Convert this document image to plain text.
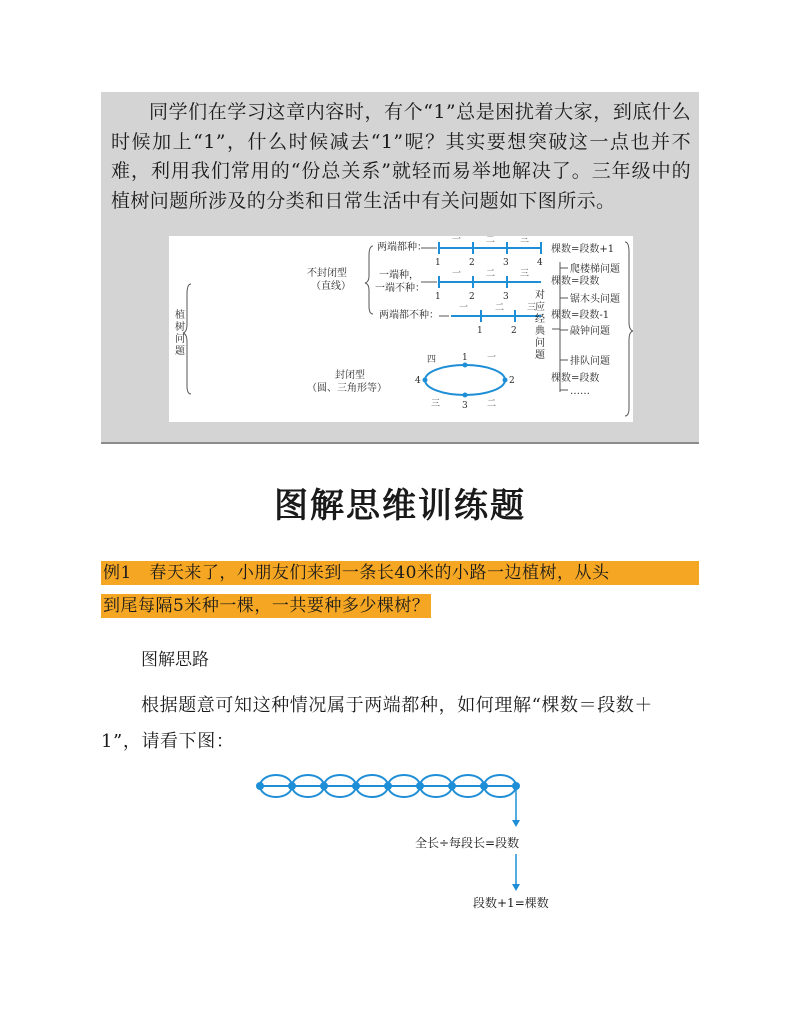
同学们在学习这章内容时，有个“1”总是困扰着大家，到底什么时候加上“1”，什么时候减去“1”呢？其实要想突破这一点也并不难，利用我们常用的“份总关系”就轻而易举地解决了。三年级中的植树问题所涉及的分类和日常生活中有关问题如下图所示。

植
树
问
题
不封闭型
（直线）
封闭型
（圆、三角形等）
两端都种：
一端种，
一端不种：
两端都不种：
一	二	三
1	2	3	4
棵数=段数+1
一	二	三
1	2	3
棵数=段数
一	二	三
1	2
棵数=段数-1
1
2
3
4
一
二
三
四
棵数=段数
对应经典问题
爬楼梯问题
锯木头问题
敲钟问题
排队问题
……
图解思维训练题
例1　春天来了，小朋友们来到一条长40米的小路一边植树，从头
到尾每隔5米种一棵，一共要种多少棵树？

图解思路

根据题意可知这种情况属于两端都种，如何理解“棵数＝段数＋
1”，请看下图：
全长÷每段长=段数
段数+1=棵数
